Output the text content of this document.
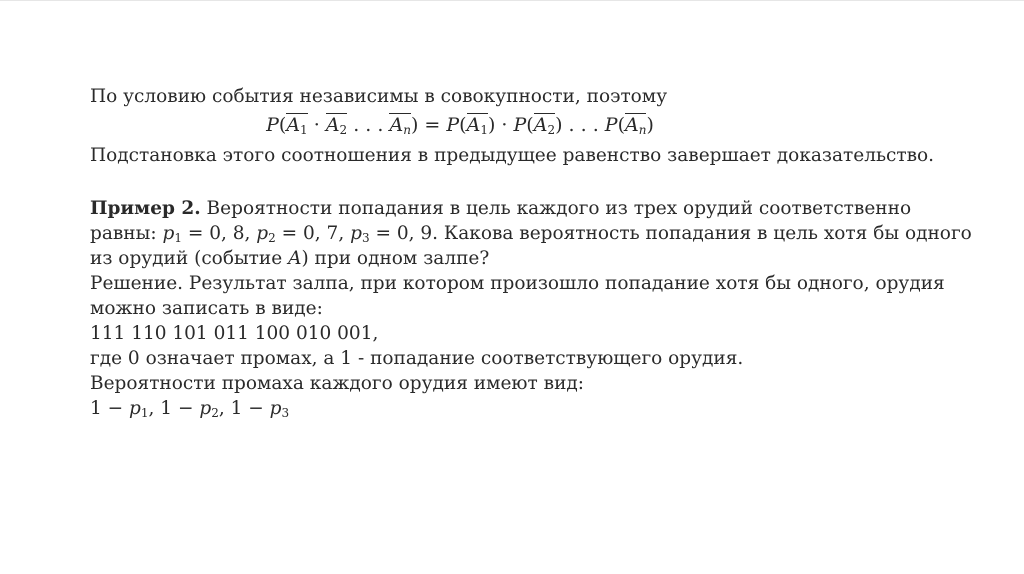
По условию события независимы в совокупности, поэтому
$P(A_1 \cdot A_2$ . . . $A_n) = P(A_1) \cdot P(A_2)$ . . . $P(A_n)$
Подстановка этого соотношения в предыдущее равенство завершает доказательство.
Пример 2. Вероятности попадания в цель каждого из трех орудий соответственно
равны: $p_1 = 0$, 8, $p_2 = 0$, 7, $p_3 = 0$, 9. Какова вероятность попадания в цель хотя бы одного
из орудий (событие A) при одном залпе?
Решение. Результат залпа, при котором произошло попадание хотя бы одного, орудия
можно записать в виде:
111 110 101 011 100 010 001,
где 0 означает промах, а 1 - попадание соответствующего орудия.
Вероятности промаха каждого орудия имеют вид:
$1 - p_1$, $1 - p_2$, $1 - p_3$
